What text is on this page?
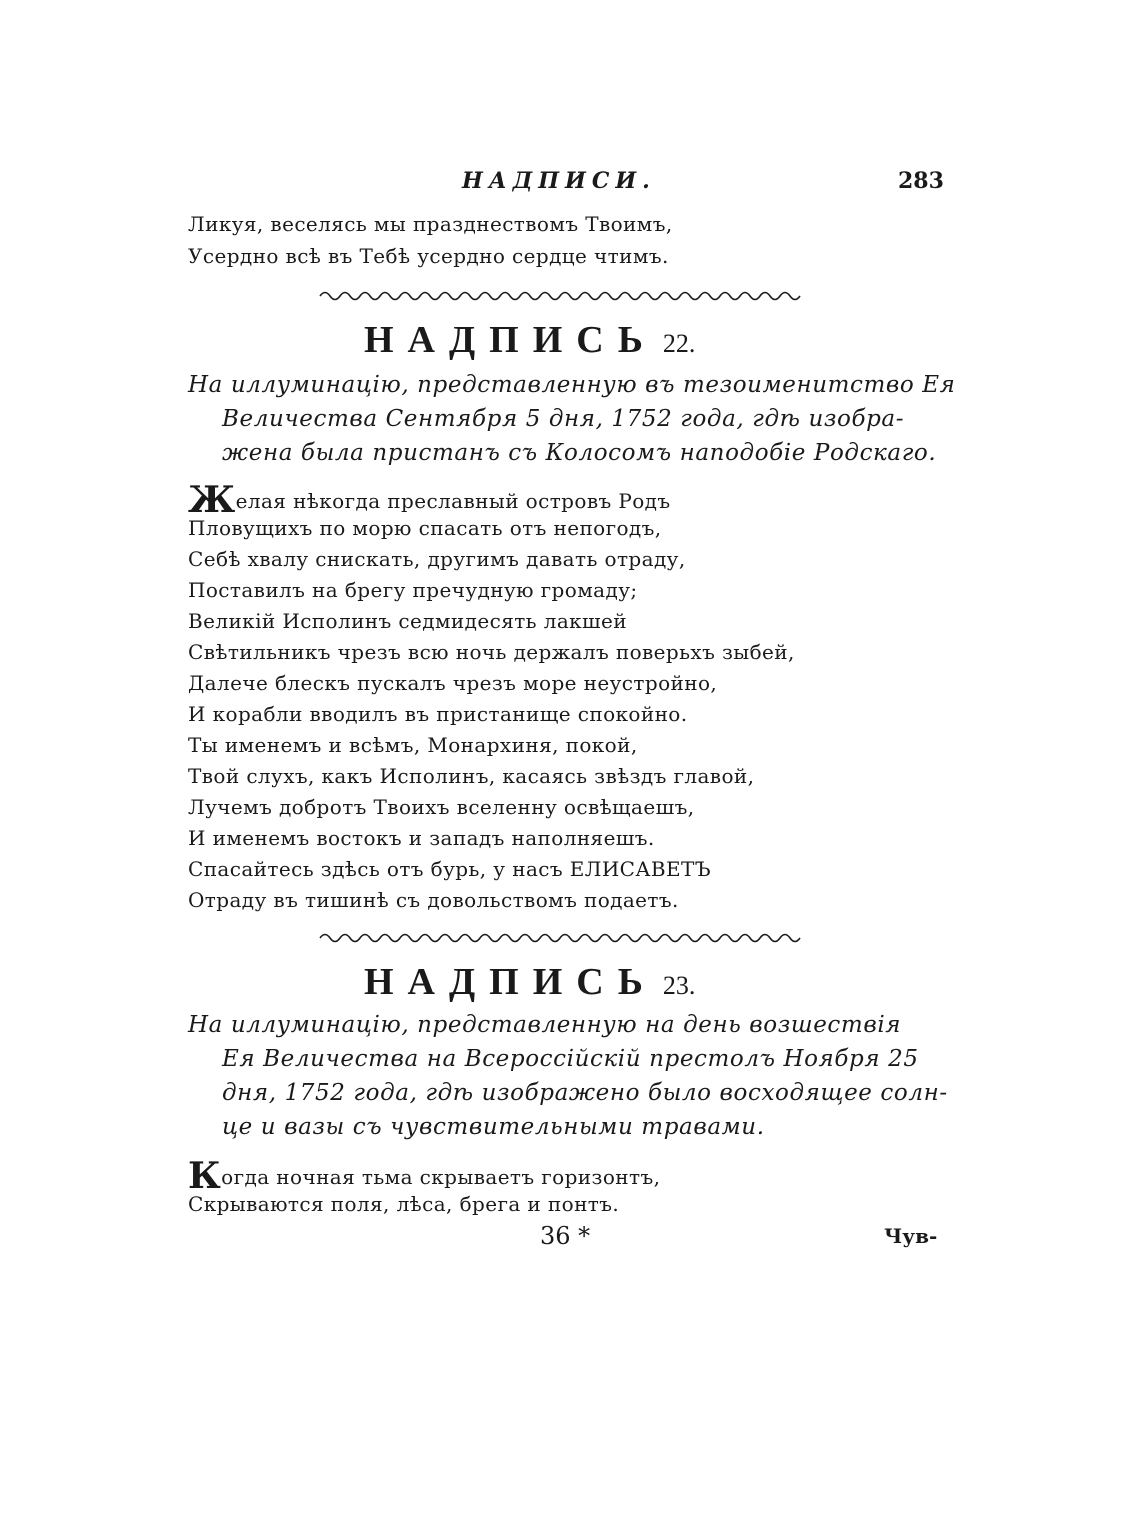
НАДПИСИ.	283
Ликуя, веселясь мы празднествомъ Твоимъ,
Усердно всѣ въ Тебѣ усердно сердце чтимъ.
НАДПИСЬ 22.
На иллуминацію, представленную въ тезоименитство Ея
Величества Сентября 5 дня, 1752 года, гдѣ изобра-
жена была пристанъ съ Колосомъ наподобіе Родскаго.
Желая нѣкогда преславный островъ Родъ
Пловущихъ по морю спасать отъ непогодъ,
Себѣ хвалу снискать, другимъ давать отраду,
Поставилъ на брегу пречудную громаду;
Великій Исполинъ седмидесять лакшей
Свѣтильникъ чрезъ всю ночь держалъ поверьхъ зыбей,
Далече блескъ пускалъ чрезъ море неустройно,
И корабли вводилъ въ пристанище спокойно.
Ты именемъ и всѣмъ, Монархиня, покой,
Твой слухъ, какъ Исполинъ, касаясь звѣздъ главой,
Лучемъ добротъ Твоихъ вселенну освѣщаешъ,
И именемъ востокъ и западъ наполняешъ.
Спасайтесь здѣсь отъ бурь, у насъ ЕЛИСАВЕТЪ
Отраду въ тишинѣ съ довольствомъ подаетъ.
НАДПИСЬ 23.
На иллуминацію, представленную на день возшествія
Ея Величества на Всероссійскій престолъ Ноября 25
дня, 1752 года, гдѣ изображено было восходящее солн-
це и вазы съ чувствительными травами.
Когда ночная тьма скрываетъ горизонтъ,
Скрываются поля, лѣса, брега и понтъ.
36 *	Чув-
